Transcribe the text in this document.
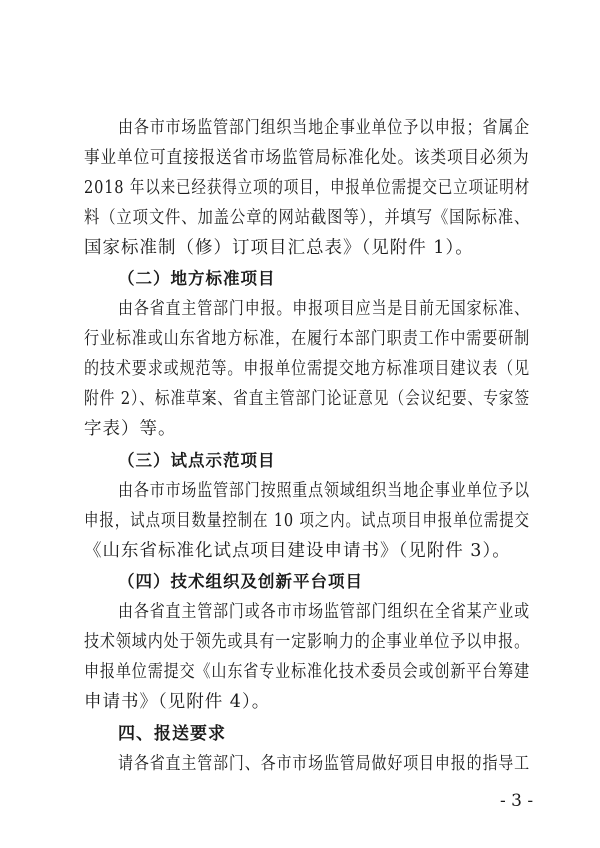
由各市市场监管部门组织当地企事业单位予以申报；省属企
事业单位可直接报送省市场监管局标准化处。该类项目必须为
2018 年以来已经获得立项的项目，申报单位需提交已立项证明材
料（立项文件、加盖公章的网站截图等），并填写《国际标准、
国家标准制（修）订项目汇总表》（见附件 1）。
（二）地方标准项目
由各省直主管部门申报。申报项目应当是目前无国家标准、
行业标准或山东省地方标准，在履行本部门职责工作中需要研制
的技术要求或规范等。申报单位需提交地方标准项目建议表（见
附件 2）、标准草案、省直主管部门论证意见（会议纪要、专家签
字表）等。
（三）试点示范项目
由各市市场监管部门按照重点领域组织当地企事业单位予以
申报，试点项目数量控制在 10 项之内。试点项目申报单位需提交
《山东省标准化试点项目建设申请书》（见附件 3）。
（四）技术组织及创新平台项目
由各省直主管部门或各市市场监管部门组织在全省某产业或
技术领域内处于领先或具有一定影响力的企事业单位予以申报。
申报单位需提交《山东省专业标准化技术委员会或创新平台筹建
申请书》（见附件 4）。
四、报送要求
请各省直主管部门、各市市场监管局做好项目申报的指导工
- 3 -
